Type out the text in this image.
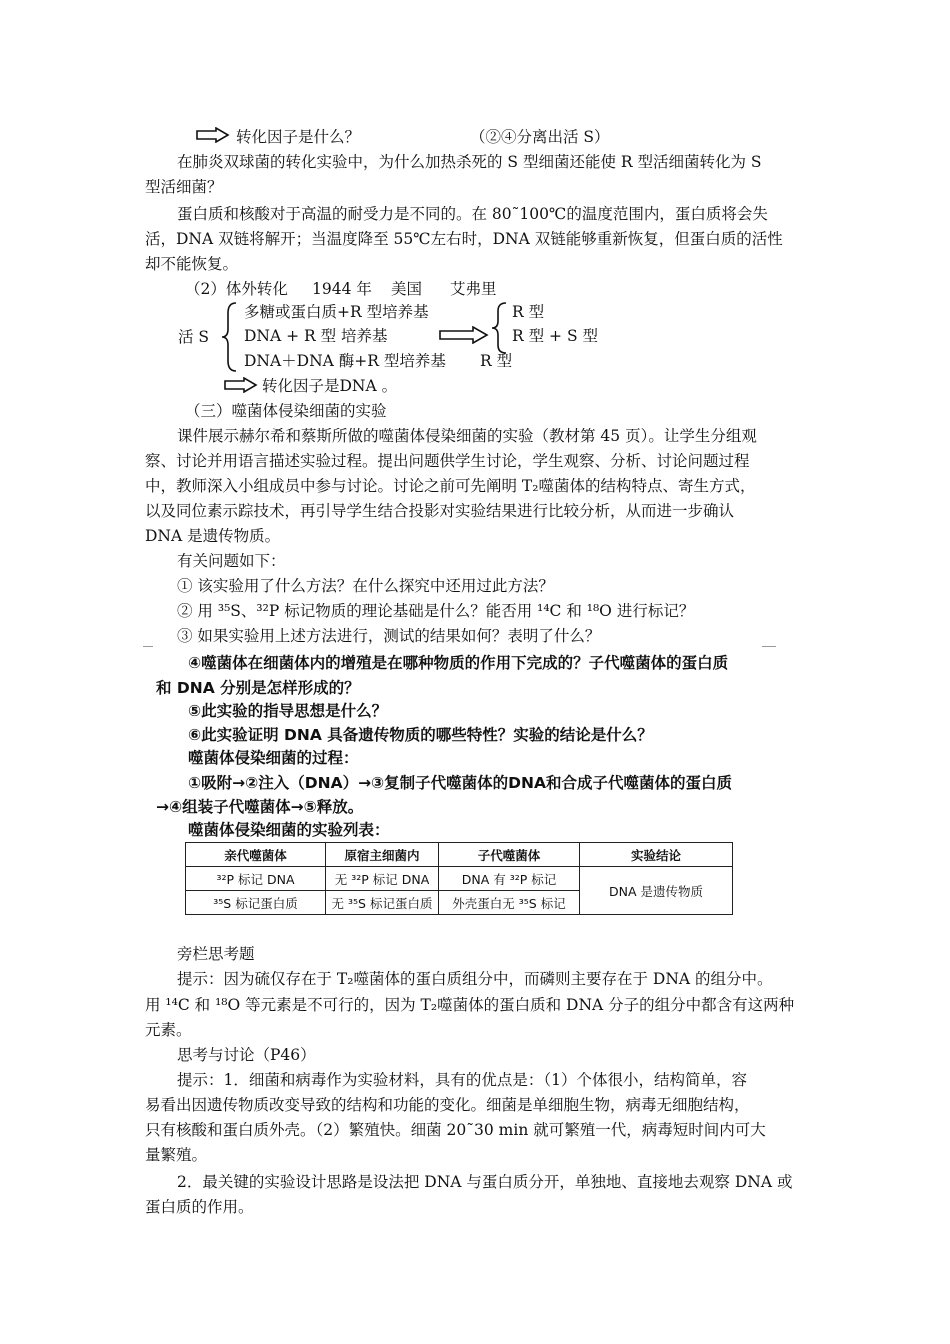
转化因子是什么？	（②④分离出活 S）
在肺炎双球菌的转化实验中，为什么加热杀死的 S 型细菌还能使 R 型活细菌转化为 S
型活细菌？
蛋白质和核酸对于高温的耐受力是不同的。在 80˜100℃的温度范围内，蛋白质将会失
活，DNA 双链将解开；当温度降至 55℃左右时，DNA 双链能够重新恢复，但蛋白质的活性
却不能恢复。
（2）体外转化 1944 年 美国 艾弗里
活 S
多糖或蛋白质+R 型培养基
DNA + R 型 培养基
DNA＋DNA 酶+R 型培养基
R 型
R 型 + S 型
R 型
转化因子是DNA 。
（三）噬菌体侵染细菌的实验
课件展示赫尔希和蔡斯所做的噬菌体侵染细菌的实验（教材第 45 页）。让学生分组观
察、讨论并用语言描述实验过程。提出问题供学生讨论，学生观察、分析、讨论问题过程
中，教师深入小组成员中参与讨论。讨论之前可先阐明 T₂噬菌体的结构特点、寄生方式，
以及同位素示踪技术，再引导学生结合投影对实验结果进行比较分析，从而进一步确认
DNA 是遗传物质。
有关问题如下：
① 该实验用了什么方法？在什么探究中还用过此方法？
② 用 ³⁵S、³²P 标记物质的理论基础是什么？能否用 ¹⁴C 和 ¹⁸O 进行标记？
③ 如果实验用上述方法进行，测试的结果如何？表明了什么？
④噬菌体在细菌体内的增殖是在哪种物质的作用下完成的？子代噬菌体的蛋白质
和 DNA 分别是怎样形成的？
⑤此实验的指导思想是什么？
⑥此实验证明 DNA 具备遗传物质的哪些特性？实验的结论是什么？
噬菌体侵染细菌的过程：
①吸附→②注入（DNA）→③复制子代噬菌体的DNA和合成子代噬菌体的蛋白质
→④组装子代噬菌体→⑤释放。
噬菌体侵染细菌的实验列表：
亲代噬菌体	原宿主细菌内	子代噬菌体	实验结论
³²P 标记 DNA	无 ³²P 标记 DNA	DNA 有 ³²P 标记	DNA 是遗传物质
³⁵S 标记蛋白质	无 ³⁵S 标记蛋白质	外壳蛋白无 ³⁵S 标记	
旁栏思考题
提示：因为硫仅存在于 T₂噬菌体的蛋白质组分中，而磷则主要存在于 DNA 的组分中。
用 ¹⁴C 和 ¹⁸O 等元素是不可行的，因为 T₂噬菌体的蛋白质和 DNA 分子的组分中都含有这两种
元素。
思考与讨论（P46）
提示：1．细菌和病毒作为实验材料，具有的优点是：（1）个体很小，结构简单，容
易看出因遗传物质改变导致的结构和功能的变化。细菌是单细胞生物，病毒无细胞结构，
只有核酸和蛋白质外壳。（2）繁殖快。细菌 20˜30 min 就可繁殖一代，病毒短时间内可大
量繁殖。
2．最关键的实验设计思路是设法把 DNA 与蛋白质分开，单独地、直接地去观察 DNA 或
蛋白质的作用。
